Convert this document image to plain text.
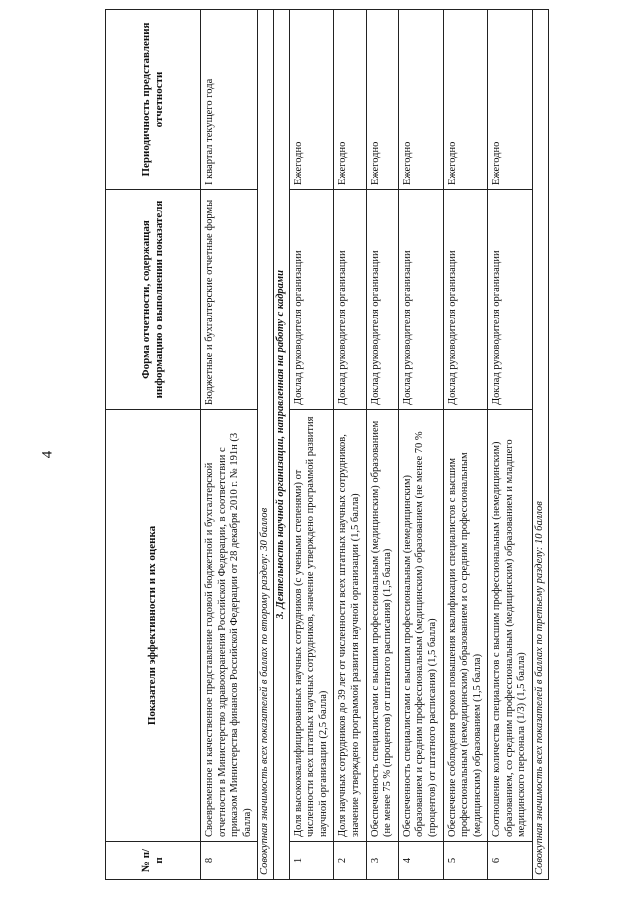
4
№ п/п	Показатели эффективности и их оценка	Форма отчетности, содержащая информацию о выполнении показателя	Периодичность представления отчетности
8	Своевременное и качественное представление годовой бюджетной и бухгалтерской отчетности в Министерство здравоохранения Российской Федерации, в соответствии с приказом Министерства финансов Российской Федерации от 28 декабря 2010 г. № 191н (3 балла)	Бюджетные и бухгалтерские отчетные формы	I квартал текущего года
Совокупная значимость всех показателей в баллах по второму разделу: 30 баллов			
3. Деятельность научной организации, направленная на работу с кадрами			
1	Доля высококвалифицированных научных сотрудников (с учеными степенями) от численности всех штатных научных сотрудников, значение утверждено программой развития научной организации (2,5 балла)	Доклад руководителя организации	Ежегодно
2	Доля научных сотрудников до 39 лет от численности всех штатных научных сотрудников, значение утверждено программой развития научной организации (1,5 балла)	Доклад руководителя организации	Ежегодно
3	Обеспеченность специалистами с высшим профессиональным (медицинским) образованием (не менее 75 % (процентов) от штатного расписания) (1,5 балла)	Доклад руководителя организации	Ежегодно
4	Обеспеченность специалистами с высшим профессиональным (немедицинским) образованием и средним профессиональным (медицинским) образованием (не менее 70 % (процентов) от штатного расписания) (1,5 балла)	Доклад руководителя организации	Ежегодно
5	Обеспечение соблюдения сроков повышения квалификации специалистов с высшим профессиональным (немедицинским) образованием и со средним профессиональным (медицинским) образованием (1,5 балла)	Доклад руководителя организации	Ежегодно
6	Соотношение количества специалистов с высшим профессиональным (немедицинским) образованием, со средним профессиональным (медицинским) образованием и младшего медицинского персонала (1/3) (1,5 балла)	Доклад руководителя организации	Ежегодно
Совокупная значимость всех показателей в баллах по третьему разделу: 10 баллов			
